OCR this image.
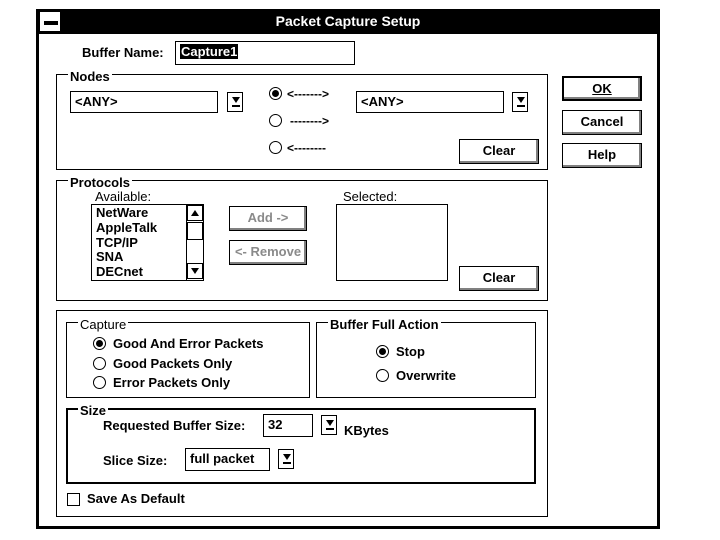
Packet Capture Setup
Buffer Name:	Capture1
Nodes
<ANY>	<------->
-------->
<--------
<ANY>
Clear
OK
Cancel
Help
Protocols
Available:
NetWare
AppleTalk
TCP/IP
SNA
DECnet
Add ->
<- Remove
Selected:
Clear
Capture
Good And Error Packets
Good Packets Only
Error Packets Only
Buffer Full Action
Stop
Overwrite
Size
Requested Buffer Size:	32	KBytes
Slice Size:	full packet
Save As Default
